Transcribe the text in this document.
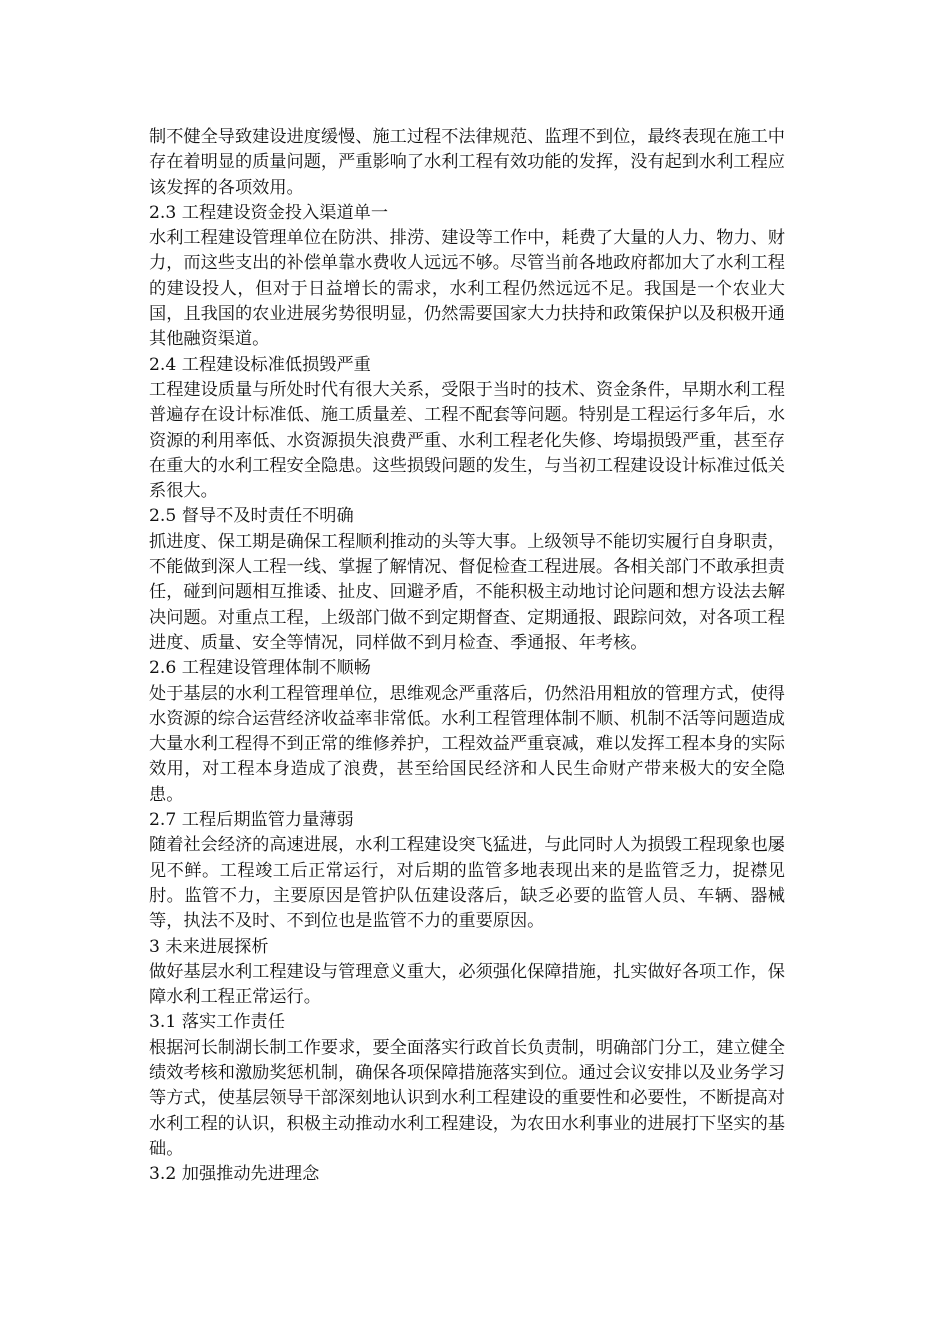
制不健全导致建设进度缓慢、施工过程不法律规范、监理不到位，最终表现在施工中存在着明显的质量问题，严重影响了水利工程有效功能的发挥，没有起到水利工程应该发挥的各项效用。

2.3 工程建设资金投入渠道单一

水利工程建设管理单位在防洪、排涝、建设等工作中，耗费了大量的人力、物力、财力，而这些支出的补偿单靠水费收人远远不够。尽管当前各地政府都加大了水利工程的建设投人，但对于日益增长的需求，水利工程仍然远远不足。我国是一个农业大国，且我国的农业进展劣势很明显，仍然需要国家大力扶持和政策保护以及积极开通其他融资渠道。

2.4 工程建设标准低损毁严重

工程建设质量与所处时代有很大关系，受限于当时的技术、资金条件，早期水利工程普遍存在设计标准低、施工质量差、工程不配套等问题。特别是工程运行多年后，水资源的利用率低、水资源损失浪费严重、水利工程老化失修、垮塌损毁严重，甚至存在重大的水利工程安全隐患。这些损毁问题的发生，与当初工程建设设计标准过低关系很大。

2.5 督导不及时责任不明确

抓进度、保工期是确保工程顺利推动的头等大事。上级领导不能切实履行自身职责，不能做到深人工程一线、掌握了解情况、督促检查工程进展。各相关部门不敢承担责任，碰到问题相互推诿、扯皮、回避矛盾，不能积极主动地讨论问题和想方设法去解决问题。对重点工程，上级部门做不到定期督查、定期通报、跟踪问效，对各项工程进度、质量、安全等情况，同样做不到月检查、季通报、年考核。

2.6 工程建设管理体制不顺畅

处于基层的水利工程管理单位，思维观念严重落后，仍然沿用粗放的管理方式，使得水资源的综合运营经济收益率非常低。水利工程管理体制不顺、机制不活等问题造成大量水利工程得不到正常的维修养护，工程效益严重衰减，难以发挥工程本身的实际效用，对工程本身造成了浪费，甚至给国民经济和人民生命财产带来极大的安全隐患。

2.7 工程后期监管力量薄弱

随着社会经济的高速进展，水利工程建设突飞猛进，与此同时人为损毁工程现象也屡见不鲜。工程竣工后正常运行，对后期的监管多地表现出来的是监管乏力，捉襟见肘。监管不力，主要原因是管护队伍建设落后，缺乏必要的监管人员、车辆、器械等，执法不及时、不到位也是监管不力的重要原因。

3 未来进展探析

做好基层水利工程建设与管理意义重大，必须强化保障措施，扎实做好各项工作，保障水利工程正常运行。

3.1 落实工作责任

根据河长制湖长制工作要求，要全面落实行政首长负责制，明确部门分工，建立健全绩效考核和激励奖惩机制，确保各项保障措施落实到位。通过会议安排以及业务学习等方式，使基层领导干部深刻地认识到水利工程建设的重要性和必要性，不断提高对水利工程的认识，积极主动推动水利工程建设，为农田水利事业的进展打下坚实的基础。

3.2 加强推动先进理念
